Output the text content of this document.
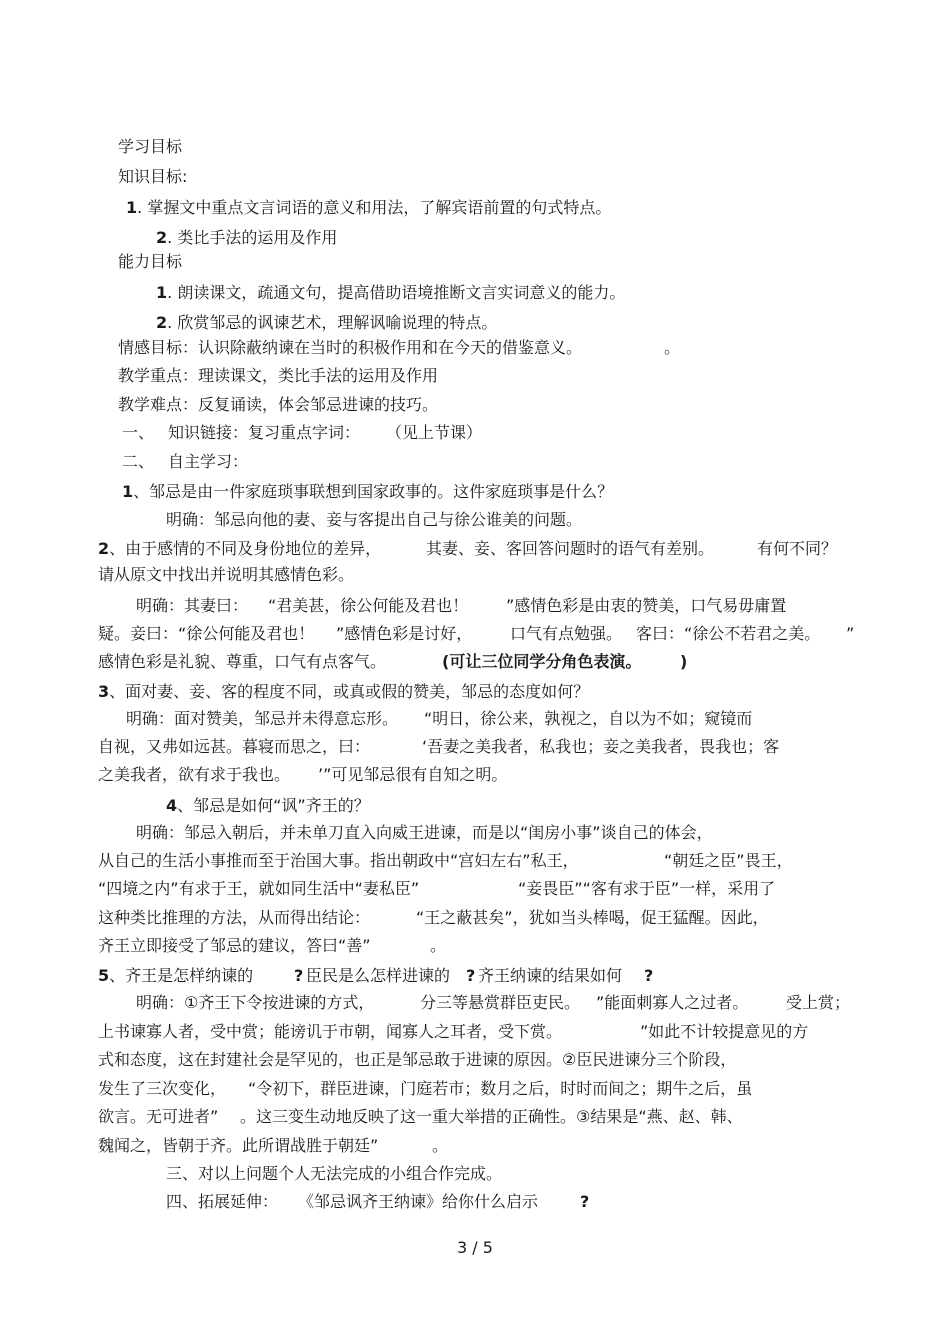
学习目标
知识目标:
1. 掌握文中重点文言词语的意义和用法，了解宾语前置的句式特点。
2. 类比手法的运用及作用
能力目标
1. 朗读课文，疏通文句，提高借助语境推断文言实词意义的能力。
2. 欣赏邹忌的讽谏艺术，理解讽喻说理的特点。
情感目标：认识除蔽纳谏在当时的积极作用和在今天的借鉴意义。	。
教学重点：理读课文，类比手法的运用及作用
教学难点：反复诵读，体会邹忌进谏的技巧。
一、 知识链接：复习重点字词： （见上节课）
二、 自主学习：
1、邹忌是由一件家庭琐事联想到国家政事的。这件家庭琐事是什么？
明确：邹忌向他的妻、妾与客提出自己与徐公谁美的问题。
2、由于感情的不同及身份地位的差异，	其妻、妾、客回答问题时的语气有差别。	有何不同？
请从原文中找出并说明其感情色彩。
明确：其妻曰： “君美甚，徐公何能及君也！ ”感情色彩是由衷的赞美，口气易毋庸置
疑。妾曰：“徐公何能及君也！ ”感情色彩是讨好， 口气有点勉强。 客曰：“徐公不若君之美。 ”
感情色彩是礼貌、尊重，口气有点客气。	(可让三位同学分角色表演。 )
3、面对妻、妾、客的程度不同，或真或假的赞美，邹忌的态度如何？
明确：面对赞美，邹忌并未得意忘形。 “明日，徐公来，孰视之，自以为不如；窥镜而
自视，又弗如远甚。暮寝而思之，曰：	‘吾妻之美我者，私我也；妾之美我者，畏我也；客
之美我者，欲有求于我也。 ’”可见邹忌很有自知之明。
4、邹忌是如何“讽”齐王的？
明确：邹忌入朝后，并未单刀直入向威王进谏，而是以“闺房小事”谈自己的体会，
从自己的生活小事推而至于治国大事。指出朝政中“宫妇左右”私王，	“朝廷之臣”畏王，
“四境之内”有求于王，就如同生活中“妻私臣”	“妾畏臣”“客有求于臣”一样，采用了
这种类比推理的方法，从而得出结论：	“王之蔽甚矣”，犹如当头棒喝，促王猛醒。因此，
齐王立即接受了邹忌的建议，答曰“善”	。
5、齐王是怎样纳谏的	? 臣民是么怎样进谏的 ? 齐王纳谏的结果如何 ?
明确：①齐王下令按进谏的方式，	分三等悬赏群臣吏民。 ”能面刺寡人之过者。 受上赏；
上书谏寡人者，受中赏；能谤讥于市朝，闻寡人之耳者，受下赏。	”如此不计较提意见的方
式和态度，这在封建社会是罕见的，也正是邹忌敢于进谏的原因。②臣民进谏分三个阶段，
发生了三次变化， “令初下，群臣进谏，门庭若市；数月之后，时时而间之；期牛之后，虽
欲言。无可进者” 。这三变生动地反映了这一重大举措的正确性。③结果是“燕、赵、韩、
魏闻之，皆朝于齐。此所谓战胜于朝廷”	。
三、对以上问题个人无法完成的小组合作完成。
四、拓展延伸： 《邹忌讽齐王纳谏》给你什么启示	?
3 / 5
